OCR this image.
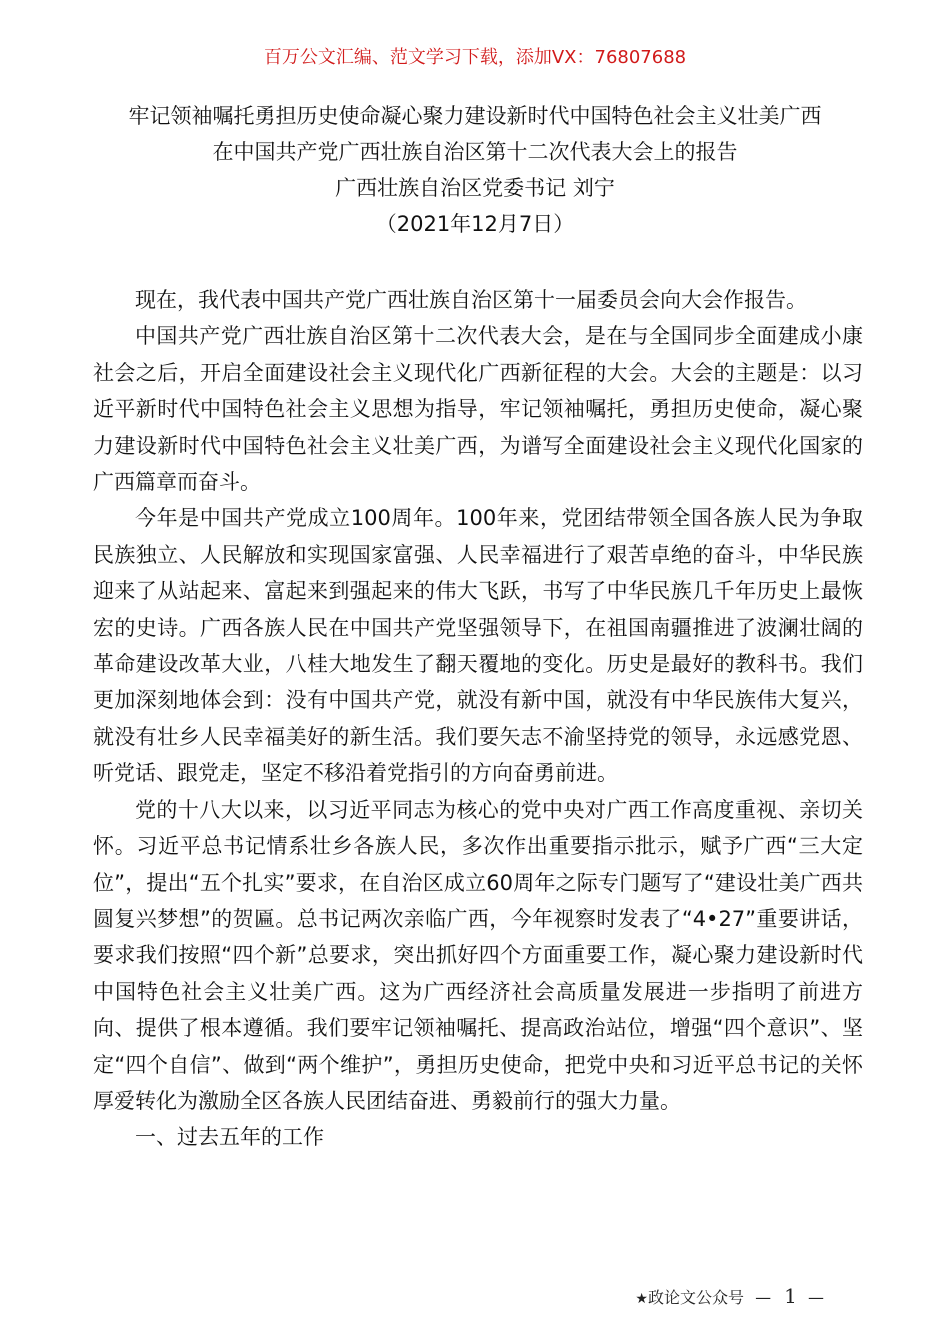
百万公文汇编、范文学习下载，添加VX：76807688
牢记领袖嘱托勇担历史使命凝心聚力建设新时代中国特色社会主义壮美广西
在中国共产党广西壮族自治区第十二次代表大会上的报告
广西壮族自治区党委书记 刘宁
（2021年12月7日）

现在，我代表中国共产党广西壮族自治区第十一届委员会向大会作报告。

中国共产党广西壮族自治区第十二次代表大会，是在与全国同步全面建成小康社会之后，开启全面建设社会主义现代化广西新征程的大会。大会的主题是：以习近平新时代中国特色社会主义思想为指导，牢记领袖嘱托，勇担历史使命，凝心聚力建设新时代中国特色社会主义壮美广西，为谱写全面建设社会主义现代化国家的广西篇章而奋斗。

今年是中国共产党成立100周年。100年来，党团结带领全国各族人民为争取民族独立、人民解放和实现国家富强、人民幸福进行了艰苦卓绝的奋斗，中华民族迎来了从站起来、富起来到强起来的伟大飞跃，书写了中华民族几千年历史上最恢宏的史诗。广西各族人民在中国共产党坚强领导下，在祖国南疆推进了波澜壮阔的革命建设改革大业，八桂大地发生了翻天覆地的变化。历史是最好的教科书。我们更加深刻地体会到：没有中国共产党，就没有新中国，就没有中华民族伟大复兴，就没有壮乡人民幸福美好的新生活。我们要矢志不渝坚持党的领导，永远感党恩、听党话、跟党走，坚定不移沿着党指引的方向奋勇前进。

党的十八大以来，以习近平同志为核心的党中央对广西工作高度重视、亲切关怀。习近平总书记情系壮乡各族人民，多次作出重要指示批示，赋予广西“三大定位”，提出“五个扎实”要求，在自治区成立60周年之际专门题写了“建设壮美广西共圆复兴梦想”的贺匾。总书记两次亲临广西，今年视察时发表了“4•27”重要讲话，要求我们按照“四个新”总要求，突出抓好四个方面重要工作，凝心聚力建设新时代中国特色社会主义壮美广西。这为广西经济社会高质量发展进一步指明了前进方向、提供了根本遵循。我们要牢记领袖嘱托、提高政治站位，增强“四个意识”、坚定“四个自信”、做到“两个维护”，勇担历史使命，把党中央和习近平总书记的关怀厚爱转化为激励全区各族人民团结奋进、勇毅前行的强大力量。

一、过去五年的工作

★政论文公众号 — 1 —
